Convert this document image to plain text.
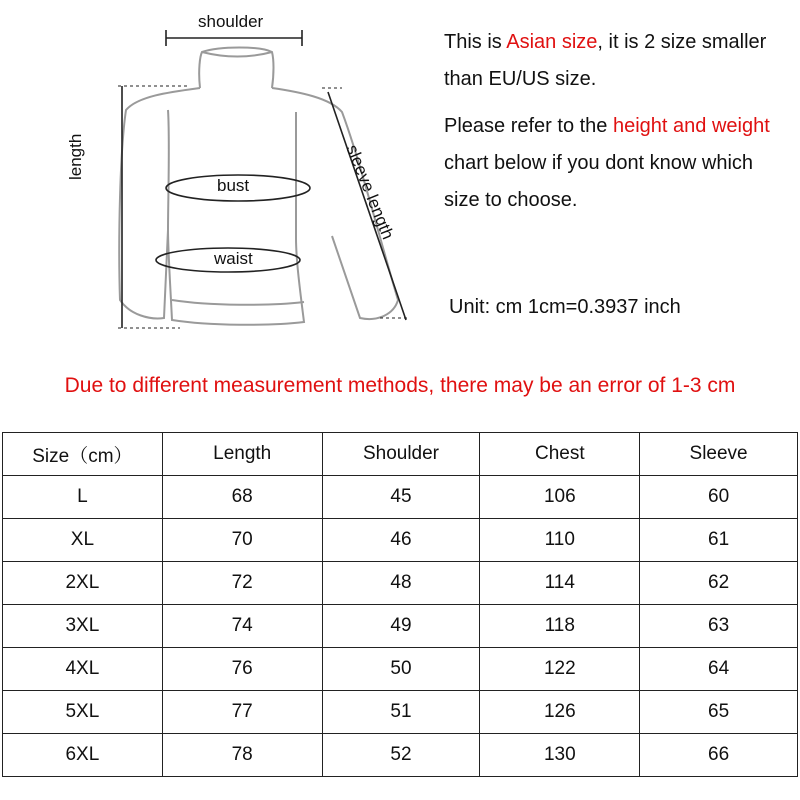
shoulder
bust
waist
length	sleeve length

This is Asian size, it is 2 size smaller than EU/US size.

Please refer to the height and weight chart below if you dont know which size to choose.

Unit: cm 1cm=0.3937 inch
Due to different measurement methods, there may be an error of 1-3 cm
Size（cm）	Length	Shoulder	Chest	Sleeve
L	68	45	106	60
XL	70	46	110	61
2XL	72	48	114	62
3XL	74	49	118	63
4XL	76	50	122	64
5XL	77	51	126	65
6XL	78	52	130	66
